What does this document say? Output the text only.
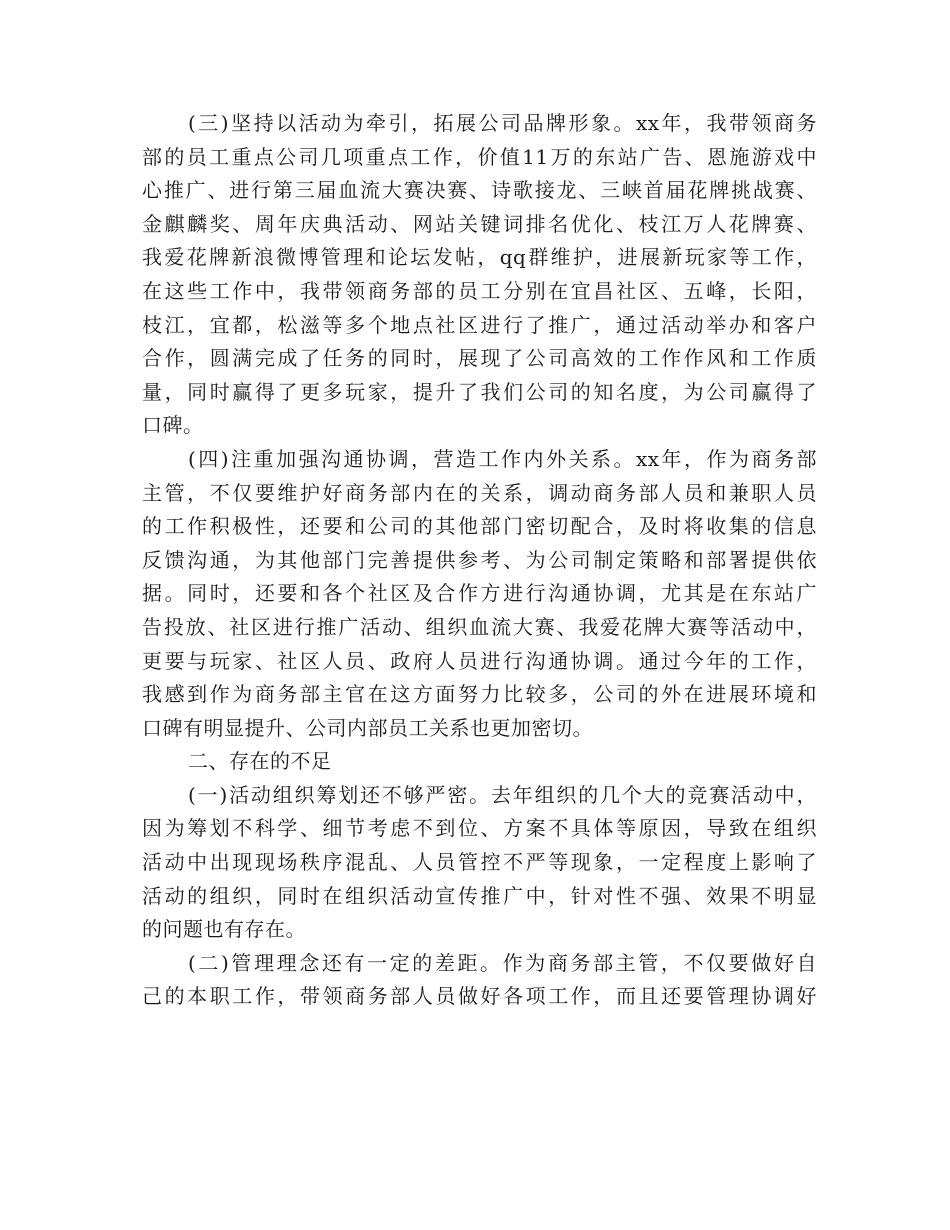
(三)坚持以活动为牵引，拓展公司品牌形象。xx年，我带领商务
部的员工重点公司几项重点工作，价值11万的东站广告、恩施游戏中
心推广、进行第三届血流大赛决赛、诗歌接龙、三峡首届花牌挑战赛、
金麒麟奖、周年庆典活动、网站关键词排名优化、枝江万人花牌赛、
我爱花牌新浪微博管理和论坛发帖，qq群维护，进展新玩家等工作，
在这些工作中，我带领商务部的员工分别在宜昌社区、五峰，长阳，
枝江，宜都，松滋等多个地点社区进行了推广，通过活动举办和客户
合作，圆满完成了任务的同时，展现了公司高效的工作作风和工作质
量，同时赢得了更多玩家，提升了我们公司的知名度，为公司赢得了
口碑。
(四)注重加强沟通协调，营造工作内外关系。xx年，作为商务部
主管，不仅要维护好商务部内在的关系，调动商务部人员和兼职人员
的工作积极性，还要和公司的其他部门密切配合，及时将收集的信息
反馈沟通，为其他部门完善提供参考、为公司制定策略和部署提供依
据。同时，还要和各个社区及合作方进行沟通协调，尤其是在东站广
告投放、社区进行推广活动、组织血流大赛、我爱花牌大赛等活动中，
更要与玩家、社区人员、政府人员进行沟通协调。通过今年的工作，
我感到作为商务部主官在这方面努力比较多，公司的外在进展环境和
口碑有明显提升、公司内部员工关系也更加密切。
二、存在的不足
(一)活动组织筹划还不够严密。去年组织的几个大的竞赛活动中，
因为筹划不科学、细节考虑不到位、方案不具体等原因，导致在组织
活动中出现现场秩序混乱、人员管控不严等现象，一定程度上影响了
活动的组织，同时在组织活动宣传推广中，针对性不强、效果不明显
的问题也有存在。
(二)管理理念还有一定的差距。作为商务部主管，不仅要做好自
己的本职工作，带领商务部人员做好各项工作，而且还要管理协调好
